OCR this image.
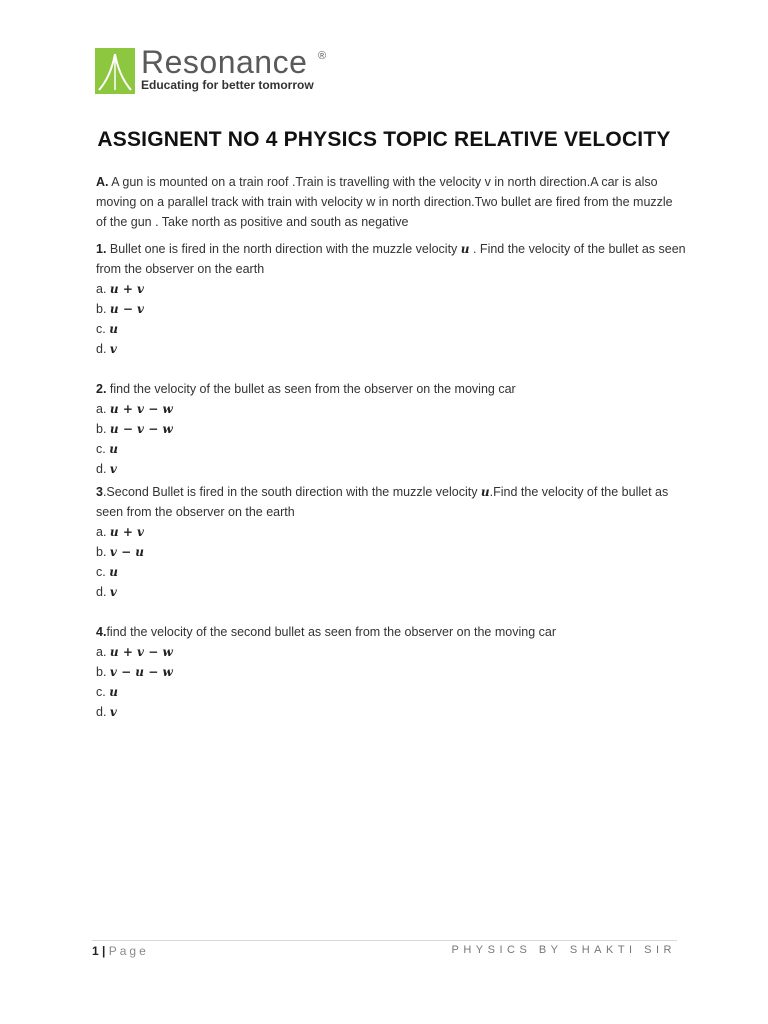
Resonance ®
Educating for better tomorrow
ASSIGNENT NO 4 PHYSICS TOPIC RELATIVE VELOCITY

A. A gun is mounted on a train roof .Train is travelling with the velocity v in north direction.A car is also moving on a parallel track with train with velocity w in north direction.Two bullet are fired from the muzzle of the gun . Take north as positive and south as negative

1. Bullet one is fired in the north direction with the muzzle velocity u . Find the velocity of the bullet as seen from the observer on the earth

a. u + v

b. u − v

c. u

d. v

2. find the velocity of the bullet as seen from the observer on the moving car

a. u + v − w

b. u − v − w

c. u

d. v

3.Second Bullet is fired in the south direction with the muzzle velocity u.Find the velocity of the bullet as seen from the observer on the earth

a. u + v

b. v − u

c. u

d. v

4.find the velocity of the second bullet as seen from the observer on the moving car

a. u + v − w

b. v − u − w

c. u

d. v

1 | Page	PHYSICS BY SHAKTI SIR
